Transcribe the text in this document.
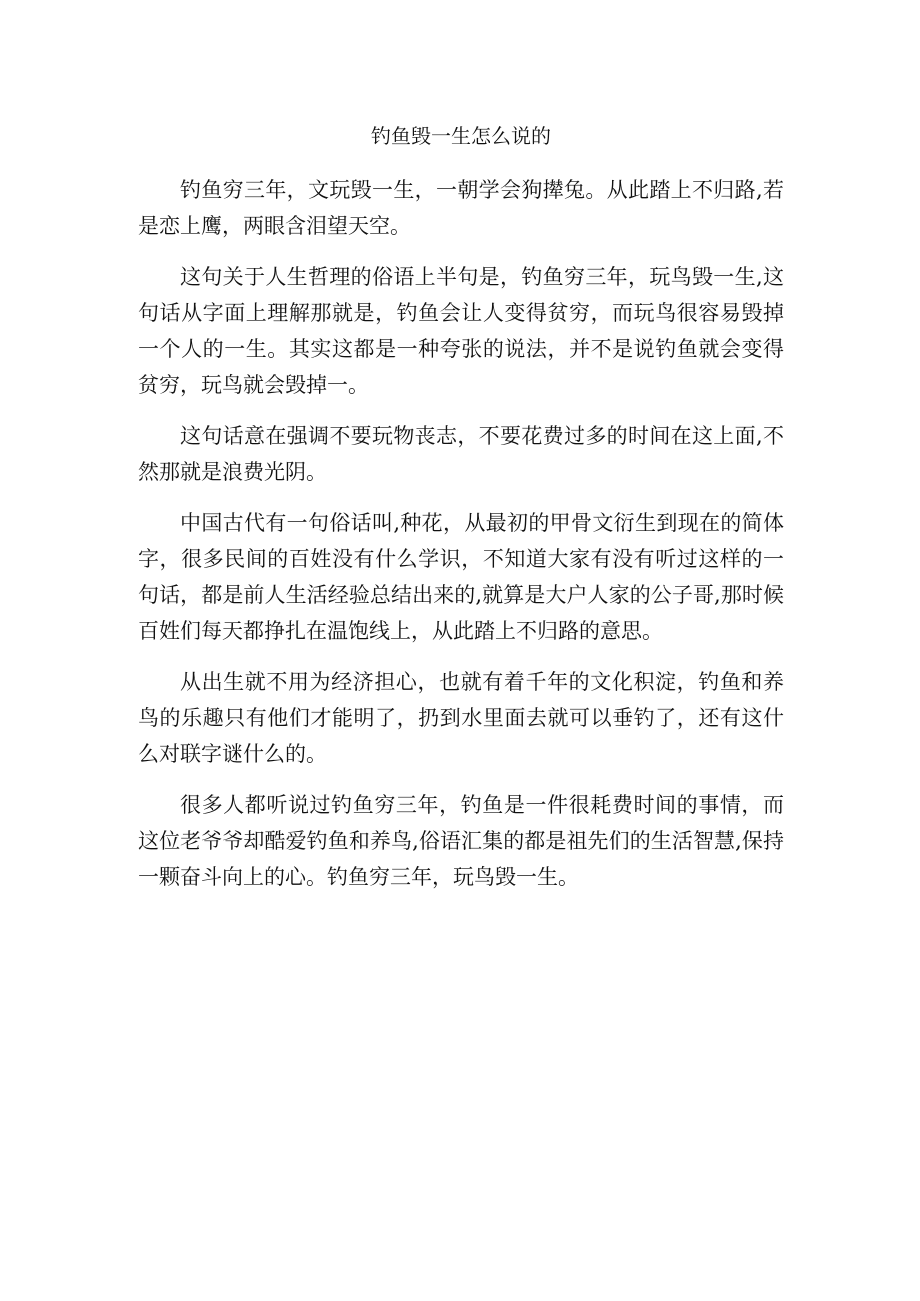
钓鱼毁一生怎么说的

钓鱼穷三年，文玩毁一生，一朝学会狗撵兔。从此踏上不归路,若是恋上鹰，两眼含泪望天空。

这句关于人生哲理的俗语上半句是，钓鱼穷三年，玩鸟毁一生,这句话从字面上理解那就是，钓鱼会让人变得贫穷，而玩鸟很容易毁掉一个人的一生。其实这都是一种夸张的说法，并不是说钓鱼就会变得贫穷，玩鸟就会毁掉一。

这句话意在强调不要玩物丧志，不要花费过多的时间在这上面,不然那就是浪费光阴。

中国古代有一句俗话叫,种花，从最初的甲骨文衍生到现在的简体字，很多民间的百姓没有什么学识，不知道大家有没有听过这样的一句话，都是前人生活经验总结出来的,就算是大户人家的公子哥,那时候百姓们每天都挣扎在温饱线上，从此踏上不归路的意思。

从出生就不用为经济担心，也就有着千年的文化积淀，钓鱼和养鸟的乐趣只有他们才能明了，扔到水里面去就可以垂钓了，还有这什么对联字谜什么的。

很多人都听说过钓鱼穷三年，钓鱼是一件很耗费时间的事情，而这位老爷爷却酷爱钓鱼和养鸟,俗语汇集的都是祖先们的生活智慧,保持一颗奋斗向上的心。钓鱼穷三年，玩鸟毁一生。
